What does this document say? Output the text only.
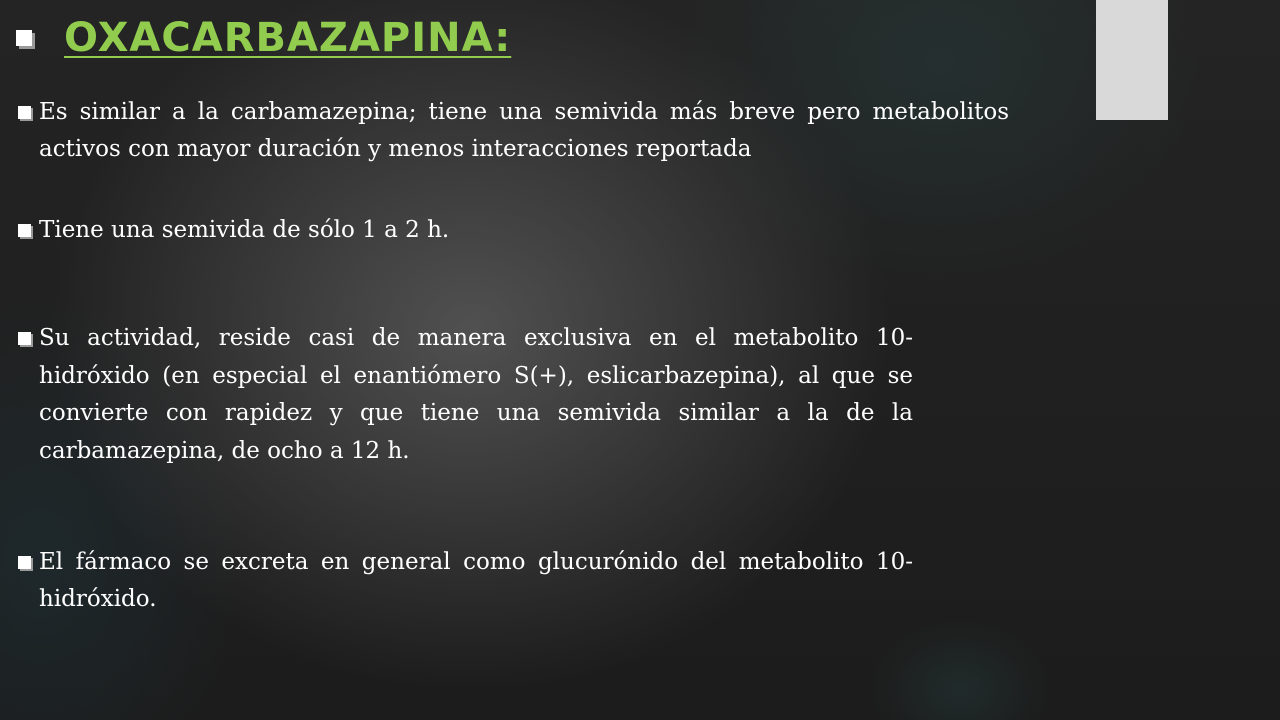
OXACARBAZAPINA:
Es similar a la carbamazepina; tiene una semivida más breve pero metabolitos activos con mayor duración y menos interacciones reportada
Tiene una semivida de sólo 1 a 2 h.
Su actividad, reside casi de manera exclusiva en el metabolito 10-hidróxido (en especial el enantiómero S(+), eslicarbazepina), al que se convierte con rapidez y que tiene una semivida similar a la de la carbamazepina, de ocho a 12 h.
El fármaco se excreta en general como glucurónido del metabolito 10-hidróxido.
